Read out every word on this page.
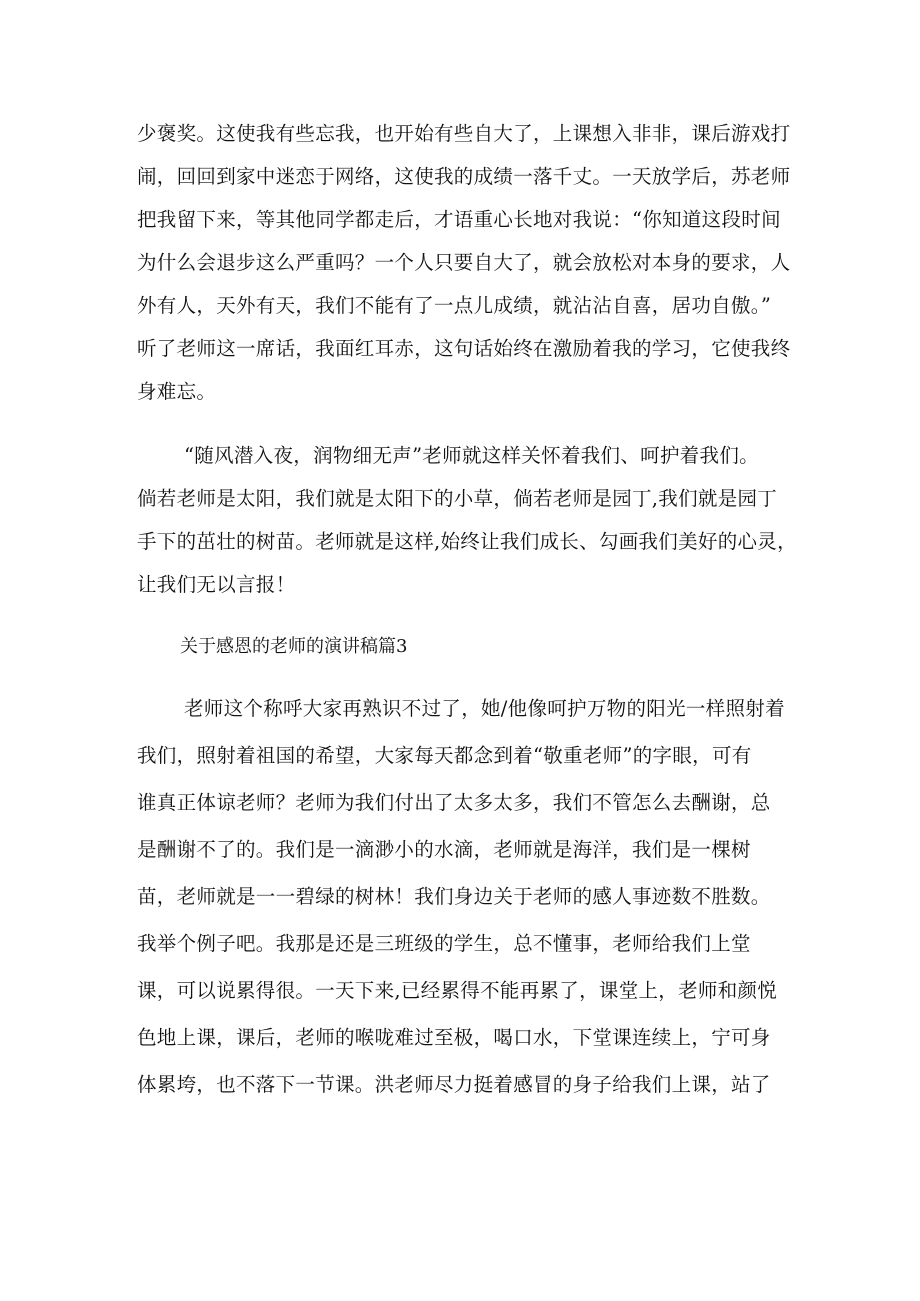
少褒奖。这使我有些忘我，也开始有些自大了，上课想入非非，课后游戏打
闹，回回到家中迷恋于网络，这使我的成绩一落千丈。一天放学后，苏老师
把我留下来，等其他同学都走后，才语重心长地对我说：“你知道这段时间
为什么会退步这么严重吗？一个人只要自大了，就会放松对本身的要求，人
外有人，天外有天，我们不能有了一点儿成绩，就沾沾自喜，居功自傲。”
听了老师这一席话，我面红耳赤，这句话始终在激励着我的学习，它使我终
身难忘。
“随风潜入夜，润物细无声”老师就这样关怀着我们、呵护着我们。
倘若老师是太阳，我们就是太阳下的小草，倘若老师是园丁,我们就是园丁
手下的茁壮的树苗。老师就是这样,始终让我们成长、勾画我们美好的心灵，
让我们无以言报！
关于感恩的老师的演讲稿篇3
老师这个称呼大家再熟识不过了，她/他像呵护万物的阳光一样照射着
我们，照射着祖国的希望，大家每天都念到着“敬重老师”的字眼，可有
谁真正体谅老师？老师为我们付出了太多太多，我们不管怎么去酬谢，总
是酬谢不了的。我们是一滴渺小的水滴，老师就是海洋，我们是一棵树
苗，老师就是一一碧绿的树林！我们身边关于老师的感人事迹数不胜数。
我举个例子吧。我那是还是三班级的学生，总不懂事，老师给我们上堂
课，可以说累得很。一天下来,已经累得不能再累了，课堂上，老师和颜悦
色地上课，课后，老师的喉咙难过至极，喝口水，下堂课连续上，宁可身
体累垮，也不落下一节课。洪老师尽力挺着感冒的身子给我们上课，站了
